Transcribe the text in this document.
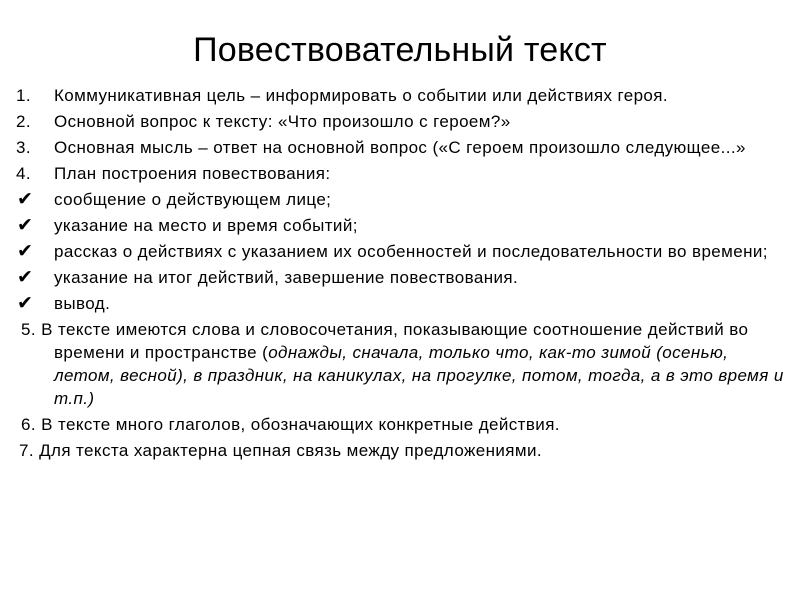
Повествовательный текст
1. Коммуникативная цель – информировать о событии или действиях героя.
2. Основной вопрос к тексту: «Что произошло с героем?»
3. Основная мысль – ответ на основной вопрос («С героем произошло следующее...»
4. План построения повествования:
✔ сообщение о действующем лице;
✔ указание на место и время событий;
✔ рассказ о действиях с указанием их особенностей и последовательности во времени;
✔ указание на итог действий, завершение повествования.
✔ вывод.
5. В тексте имеются слова и словосочетания, показывающие соотношение действий во времени и пространстве (однажды, сначала, только что, как-то зимой (осенью, летом, весной), в праздник, на каникулах, на прогулке, потом, тогда, а в это время и т.п.)
6. В тексте много глаголов, обозначающих конкретные действия.
7. Для текста характерна цепная связь между предложениями.
